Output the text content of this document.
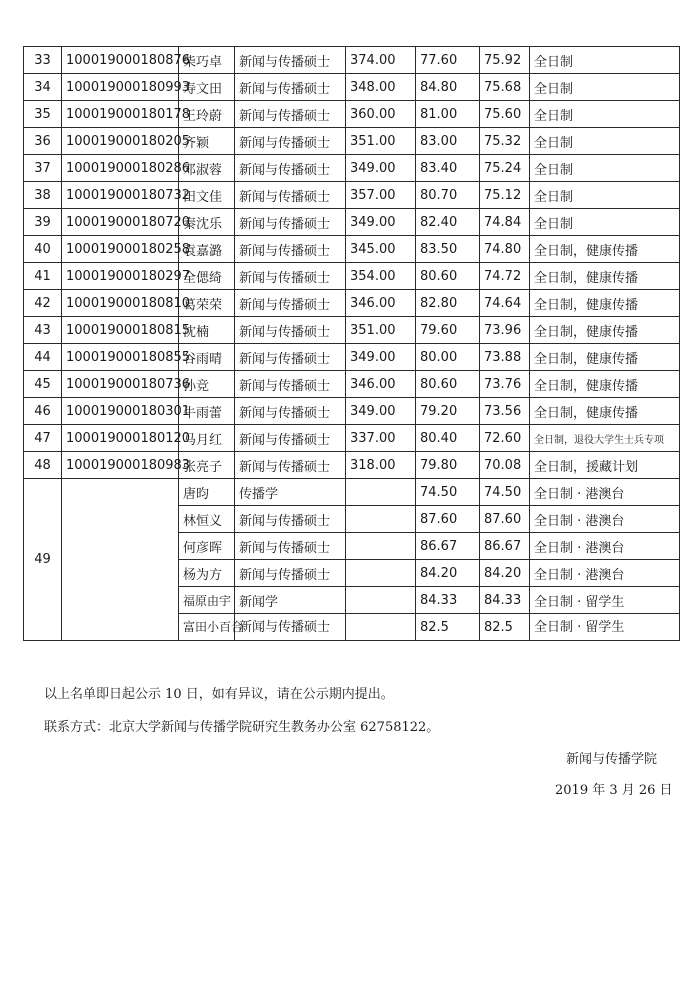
33	100019000180876	柴巧卓	新闻与传播硕士	374.00	77.60	75.92	全日制
34	100019000180993	寿文田	新闻与传播硕士	348.00	84.80	75.68	全日制
35	100019000180178	王玲蔚	新闻与传播硕士	360.00	81.00	75.60	全日制
36	100019000180205	齐颖	新闻与传播硕士	351.00	83.00	75.32	全日制
37	100019000180286	邓淑蓉	新闻与传播硕士	349.00	83.40	75.24	全日制
38	100019000180732	田文佳	新闻与传播硕士	357.00	80.70	75.12	全日制
39	100019000180720	秦沈乐	新闻与传播硕士	349.00	82.40	74.84	全日制
40	100019000180258	袁嘉潞	新闻与传播硕士	345.00	83.50	74.80	全日制，健康传播
41	100019000180297	全偲绮	新闻与传播硕士	354.00	80.60	74.72	全日制，健康传播
42	100019000180810	葛荣荣	新闻与传播硕士	346.00	82.80	74.64	全日制，健康传播
43	100019000180815	沈楠	新闻与传播硕士	351.00	79.60	73.96	全日制，健康传播
44	100019000180855	谷雨晴	新闻与传播硕士	349.00	80.00	73.88	全日制，健康传播
45	100019000180736	孙竞	新闻与传播硕士	346.00	80.60	73.76	全日制，健康传播
46	100019000180301	牛雨蕾	新闻与传播硕士	349.00	79.20	73.56	全日制，健康传播
47	100019000180120	马月红	新闻与传播硕士	337.00	80.40	72.60	全日制，退役大学生士兵专项
48	100019000180983	张亮子	新闻与传播硕士	318.00	79.80	70.08	全日制，援藏计划
49		唐昀	传播学		74.50	74.50	全日制 · 港澳台
		林恒义	新闻与传播硕士		87.60	87.60	全日制 · 港澳台
		何彦晖	新闻与传播硕士		86.67	86.67	全日制 · 港澳台
		杨为方	新闻与传播硕士		84.20	84.20	全日制 · 港澳台
		福原由宇	新闻学		84.33	84.33	全日制 · 留学生
		富田小百合	新闻与传播硕士		82.5	82.5	全日制 · 留学生
以上名单即日起公示 10 日，如有异议，请在公示期内提出。
联系方式：北京大学新闻与传播学院研究生教务办公室 62758122。
新闻与传播学院
2019 年 3 月 26 日
